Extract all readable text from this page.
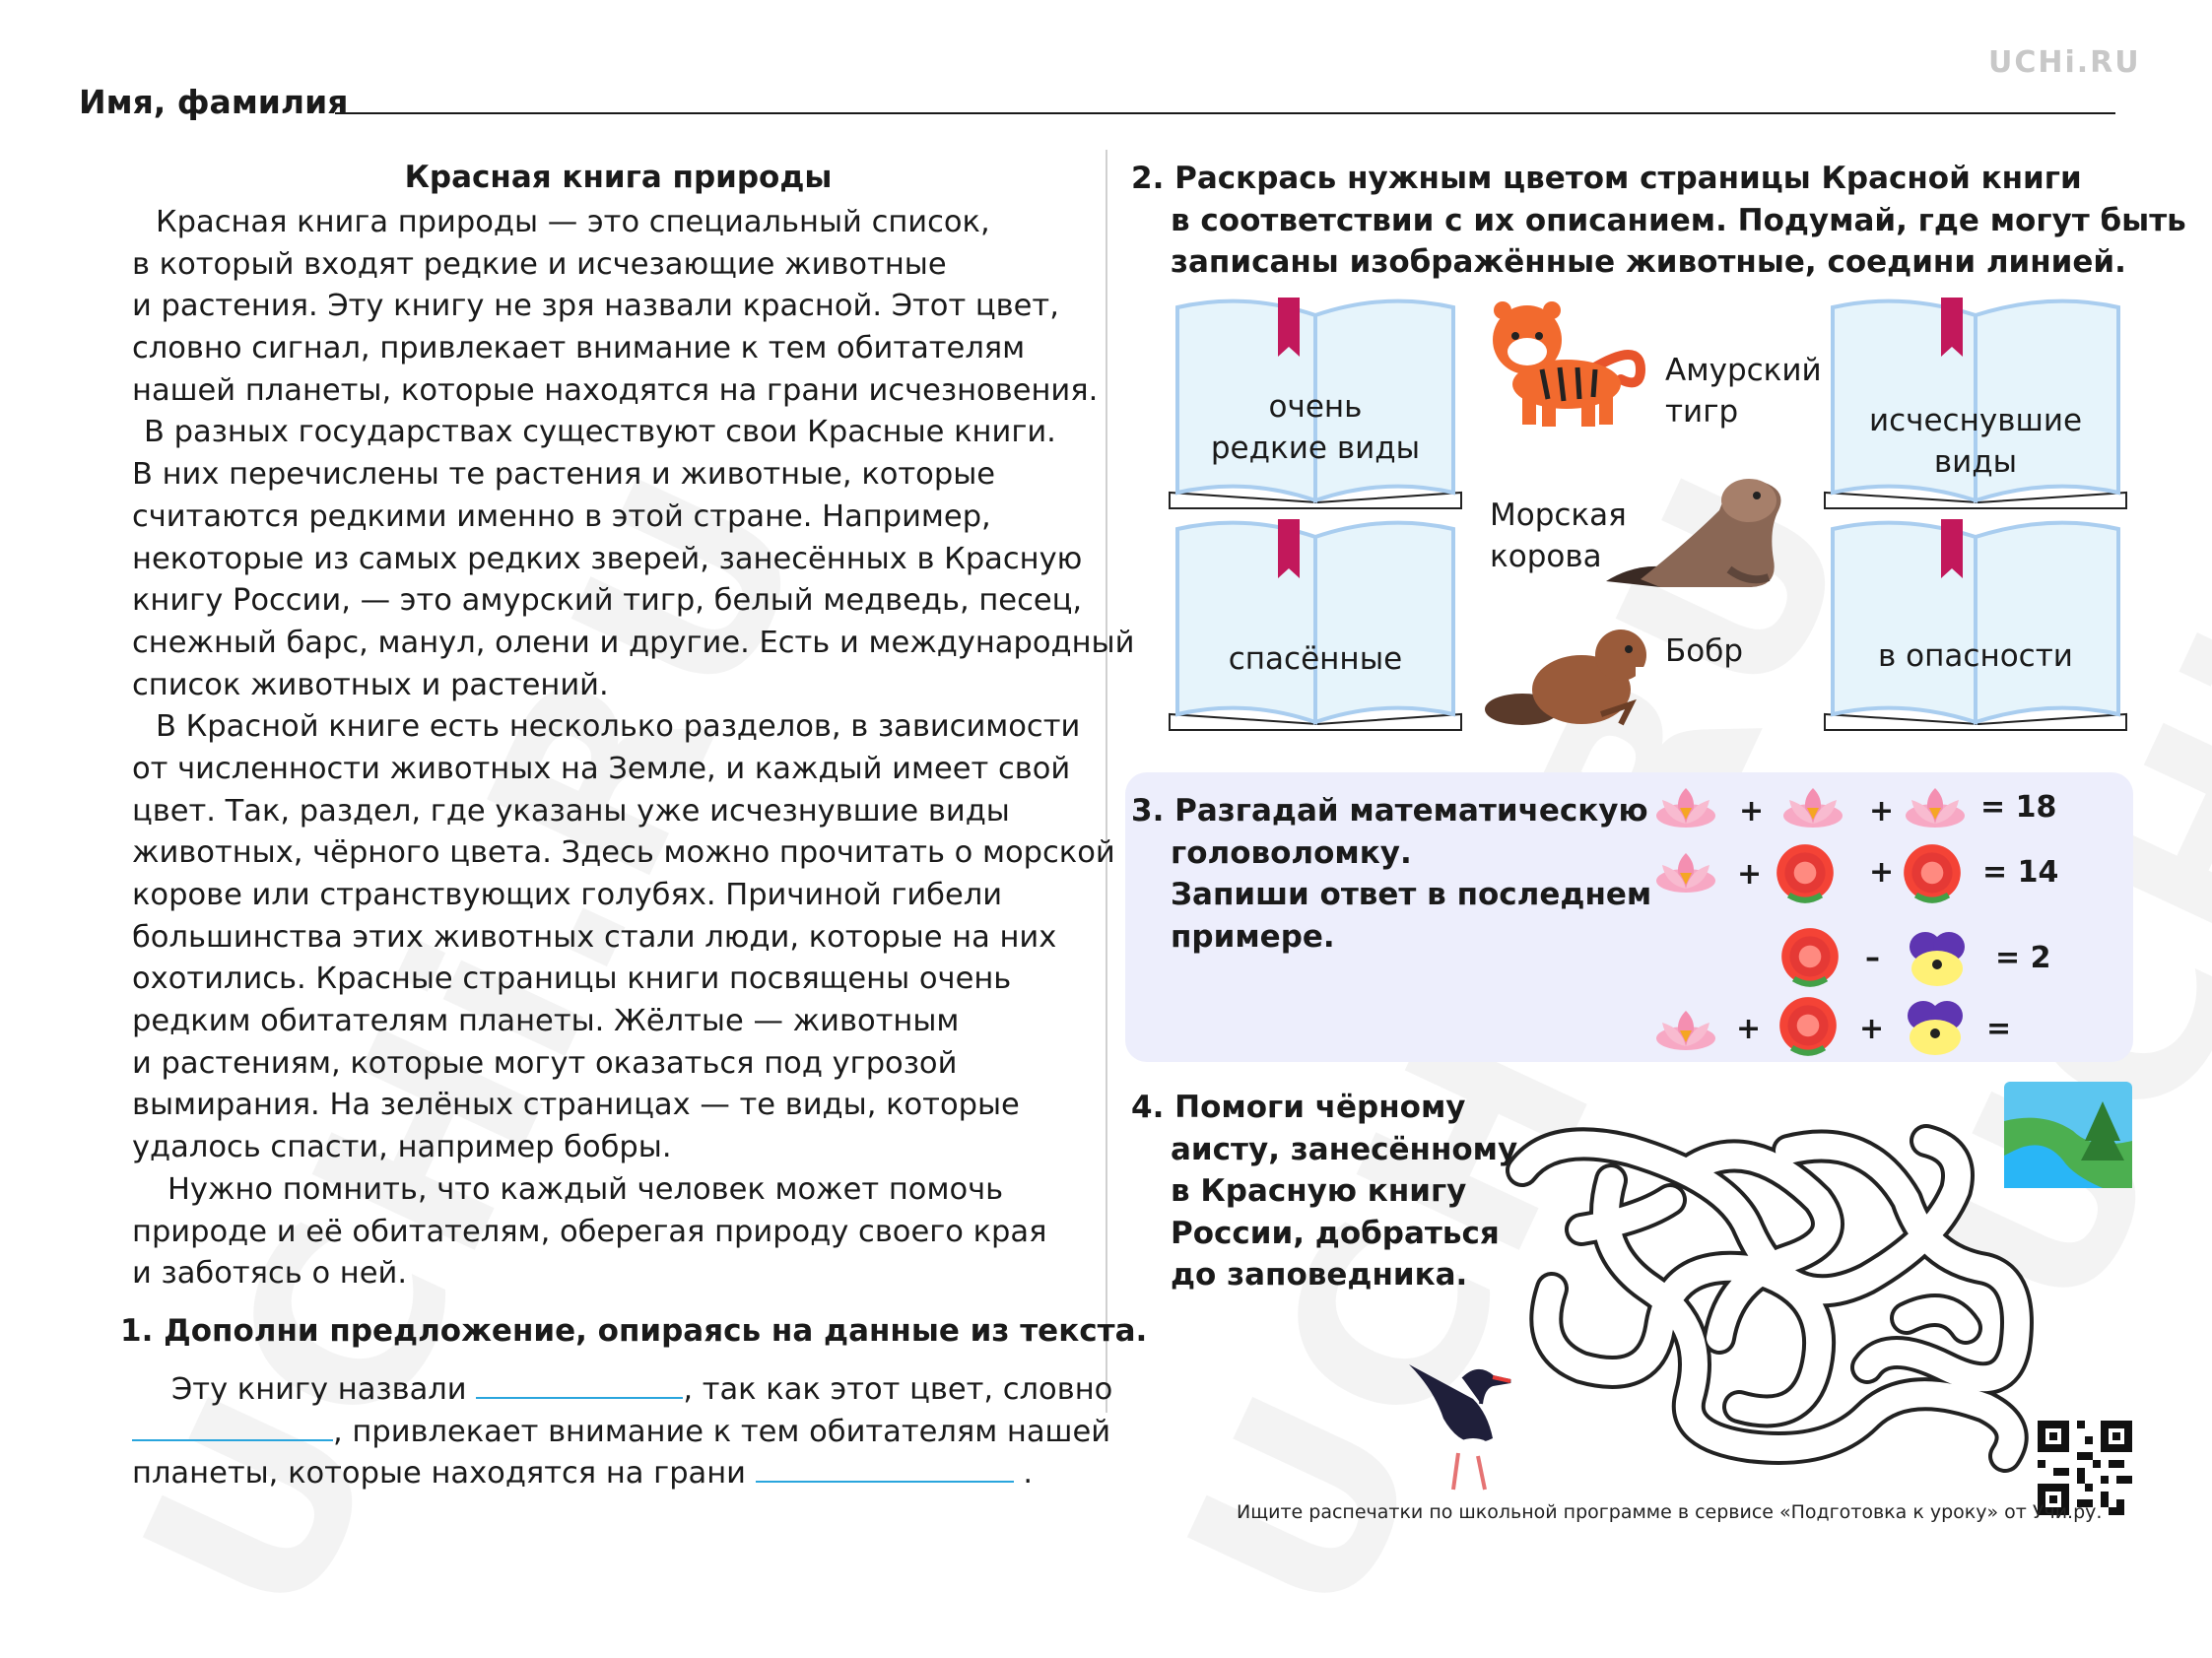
UCHi.RU
Имя, фамилия
Красная книга природы
Красная книга природы — это специальный список,
в который входят редкие и исчезающие животные
и растения. Эту книгу не зря назвали красной. Этот цвет,
словно сигнал, привлекает внимание к тем обитателям
нашей планеты, которые находятся на грани исчезновения.
В разных государствах существуют свои Красные книги.
В них перечислены те растения и животные, которые
считаются редкими именно в этой стране. Например,
некоторые из самых редких зверей, занесённых в Красную
книгу России, — это амурский тигр, белый медведь, песец,
снежный барс, манул, олени и другие. Есть и международный
список животных и растений.
В Красной книге есть несколько разделов, в зависимости
от численности животных на Земле, и каждый имеет свой
цвет. Так, раздел, где указаны уже исчезнувшие виды
животных, чёрного цвета. Здесь можно прочитать о морской
корове или странствующих голубях. Причиной гибели
большинства этих животных стали люди, которые на них
охотились. Красные страницы книги посвящены очень
редким обитателям планеты. Жёлтые — животным
и растениям, которые могут оказаться под угрозой
вымирания. На зелёных страницах — те виды, которые
удалось спасти, например бобры.
Нужно помнить, что каждый человек может помочь
природе и её обитателям, оберегая природу своего края
и заботясь о ней.
1. Дополни предложение, опираясь на данные из текста.
Эту книгу назвали	, так как этот цвет, словно
, привлекает внимание к тем обитателям нашей
планеты, которые находятся на грани	.
2. Раскрась нужным цветом страницы Красной книги
в соответствии с их описанием. Подумай, где могут быть
записаны изображённые животные, соедини линией.
очень
редкие виды
исчеснувшие
виды
спасённые	в опасности
Амурский
тигр
Морская
корова
Бобр
3. Разгадай математическую
головоломку.
Запиши ответ в последнем
примере.
+	+	= 18
+	+	= 14
–	= 2
+	+	=
4. Помоги чёрному
аисту, занесённому
в Красную книгу
России, добраться
до заповедника.
Ищите распечатки по школьной программе в сервисе «Подготовка к уроку» от Учи.ру.
